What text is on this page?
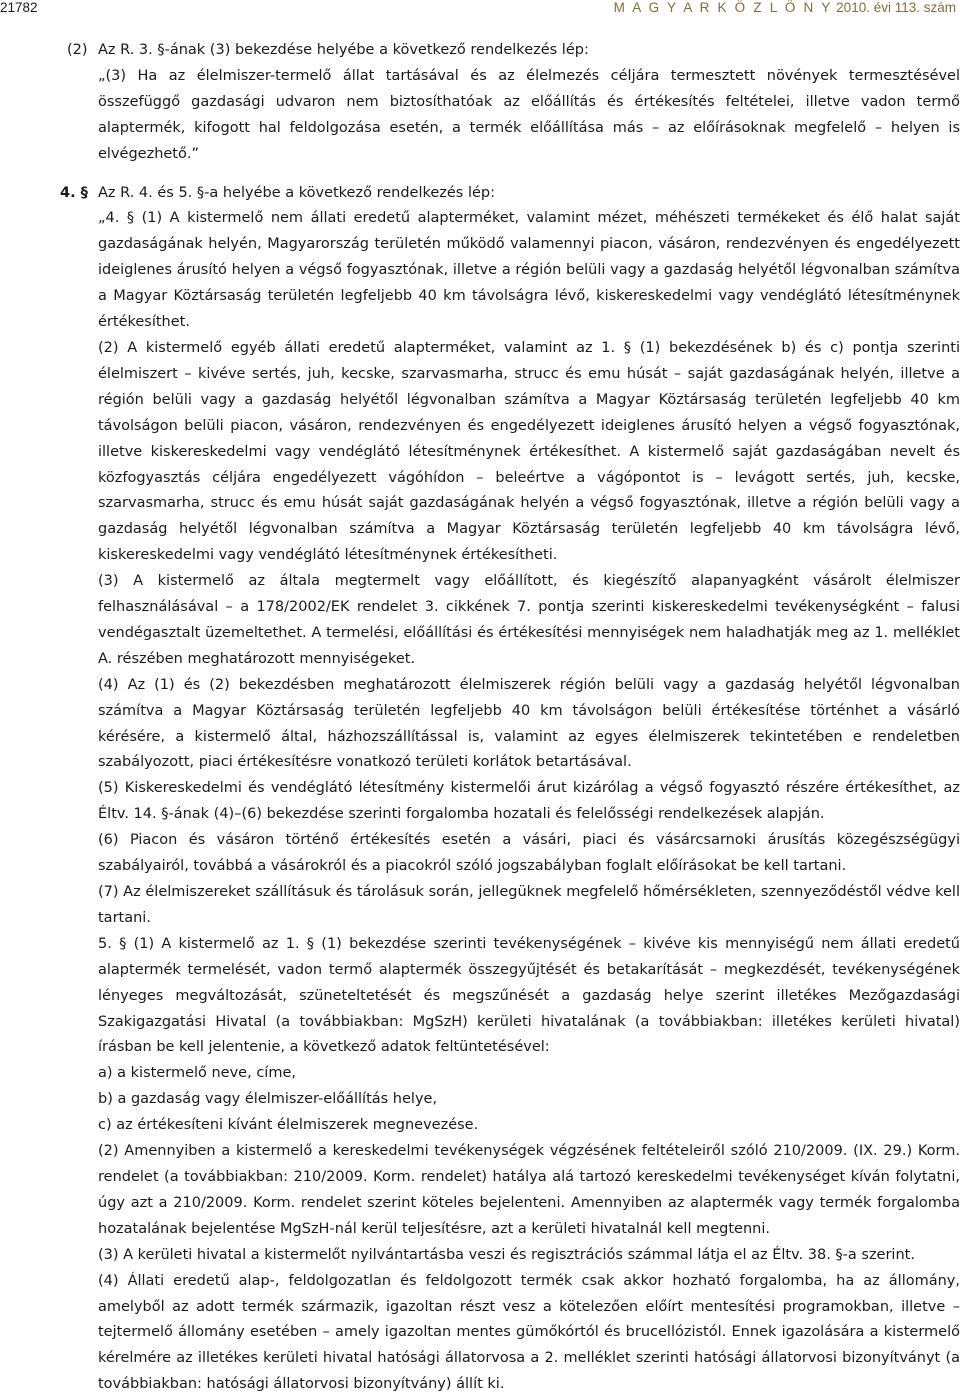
21782	M A G Y A R K Ö Z L Ö N Y 2010. évi 113. szám

(2) Az R. 3. §-ának (3) bekezdése helyébe a következő rendelkezés lép:

„(3) Ha az élelmiszer-termelő állat tartásával és az élelmezés céljára termesztett növények termesztésével összefüggő gazdasági udvaron nem biztosíthatóak az előállítás és értékesítés feltételei, illetve vadon termő alaptermék, kifogott hal feldolgozása esetén, a termék előállítása más – az előírásoknak megfelelő – helyen is elvégezhető.”

4. § Az R. 4. és 5. §-a helyébe a következő rendelkezés lép:

„4. § (1) A kistermelő nem állati eredetű alapterméket, valamint mézet, méhészeti termékeket és élő halat saját gazdaságának helyén, Magyarország területén működő valamennyi piacon, vásáron, rendezvényen és engedélyezett ideiglenes árusító helyen a végső fogyasztónak, illetve a régión belüli vagy a gazdaság helyétől légvonalban számítva a Magyar Köztársaság területén legfeljebb 40 km távolságra lévő, kiskereskedelmi vagy vendéglátó létesítménynek értékesíthet.

(2) A kistermelő egyéb állati eredetű alapterméket, valamint az 1. § (1) bekezdésének b) és c) pontja szerinti élelmiszert – kivéve sertés, juh, kecske, szarvasmarha, strucc és emu húsát – saját gazdaságának helyén, illetve a régión belüli vagy a gazdaság helyétől légvonalban számítva a Magyar Köztársaság területén legfeljebb 40 km távolságon belüli piacon, vásáron, rendezvényen és engedélyezett ideiglenes árusító helyen a végső fogyasztónak, illetve kiskereskedelmi vagy vendéglátó létesítménynek értékesíthet. A kistermelő saját gazdaságában nevelt és közfogyasztás céljára engedélyezett vágóhídon – beleértve a vágópontot is – levágott sertés, juh, kecske, szarvasmarha, strucc és emu húsát saját gazdaságának helyén a végső fogyasztónak, illetve a régión belüli vagy a gazdaság helyétől légvonalban számítva a Magyar Köztársaság területén legfeljebb 40 km távolságra lévő, kiskereskedelmi vagy vendéglátó létesítménynek értékesítheti.

(3) A kistermelő az általa megtermelt vagy előállított, és kiegészítő alapanyagként vásárolt élelmiszer felhasználásával – a 178/2002/EK rendelet 3. cikkének 7. pontja szerinti kiskereskedelmi tevékenységként – falusi vendégasztalt üzemeltethet. A termelési, előállítási és értékesítési mennyiségek nem haladhatják meg az 1. melléklet A. részében meghatározott mennyiségeket.

(4) Az (1) és (2) bekezdésben meghatározott élelmiszerek régión belüli vagy a gazdaság helyétől légvonalban számítva a Magyar Köztársaság területén legfeljebb 40 km távolságon belüli értékesítése történhet a vásárló kérésére, a kistermelő által, házhozszállítással is, valamint az egyes élelmiszerek tekintetében e rendeletben szabályozott, piaci értékesítésre vonatkozó területi korlátok betartásával.

(5) Kiskereskedelmi és vendéglátó létesítmény kistermelői árut kizárólag a végső fogyasztó részére értékesíthet, az Éltv. 14. §-ának (4)–(6) bekezdése szerinti forgalomba hozatali és felelősségi rendelkezések alapján.

(6) Piacon és vásáron történő értékesítés esetén a vásári, piaci és vásárcsarnoki árusítás közegészségügyi szabályairól, továbbá a vásárokról és a piacokról szóló jogszabályban foglalt előírásokat be kell tartani.

(7) Az élelmiszereket szállításuk és tárolásuk során, jellegüknek megfelelő hőmérsékleten, szennyeződéstől védve kell tartani.

5. § (1) A kistermelő az 1. § (1) bekezdése szerinti tevékenységének – kivéve kis mennyiségű nem állati eredetű alaptermék termelését, vadon termő alaptermék összegyűjtését és betakarítását – megkezdését, tevékenységének lényeges megváltozását, szüneteltetését és megszűnését a gazdaság helye szerint illetékes Mezőgazdasági Szakigazgatási Hivatal (a továbbiakban: MgSzH) kerületi hivatalának (a továbbiakban: illetékes kerületi hivatal) írásban be kell jelentenie, a következő adatok feltüntetésével:

a) a kistermelő neve, címe,

b) a gazdaság vagy élelmiszer-előállítás helye,

c) az értékesíteni kívánt élelmiszerek megnevezése.

(2) Amennyiben a kistermelő a kereskedelmi tevékenységek végzésének feltételeiről szóló 210/2009. (IX. 29.) Korm. rendelet (a továbbiakban: 210/2009. Korm. rendelet) hatálya alá tartozó kereskedelmi tevékenységet kíván folytatni, úgy azt a 210/2009. Korm. rendelet szerint köteles bejelenteni. Amennyiben az alaptermék vagy termék forgalomba hozatalának bejelentése MgSzH-nál kerül teljesítésre, azt a kerületi hivatalnál kell megtenni.

(3) A kerületi hivatal a kistermelőt nyilvántartásba veszi és regisztrációs számmal látja el az Éltv. 38. §-a szerint.

(4) Állati eredetű alap-, feldolgozatlan és feldolgozott termék csak akkor hozható forgalomba, ha az állomány, amelyből az adott termék származik, igazoltan részt vesz a kötelezően előírt mentesítési programokban, illetve – tejtermelő állomány esetében – amely igazoltan mentes gümőkórtól és brucellózistól. Ennek igazolására a kistermelő kérelmére az illetékes kerületi hivatal hatósági állatorvosa a 2. melléklet szerinti hatósági állatorvosi bizonyítványt (a továbbiakban: hatósági állatorvosi bizonyítvány) állít ki.
